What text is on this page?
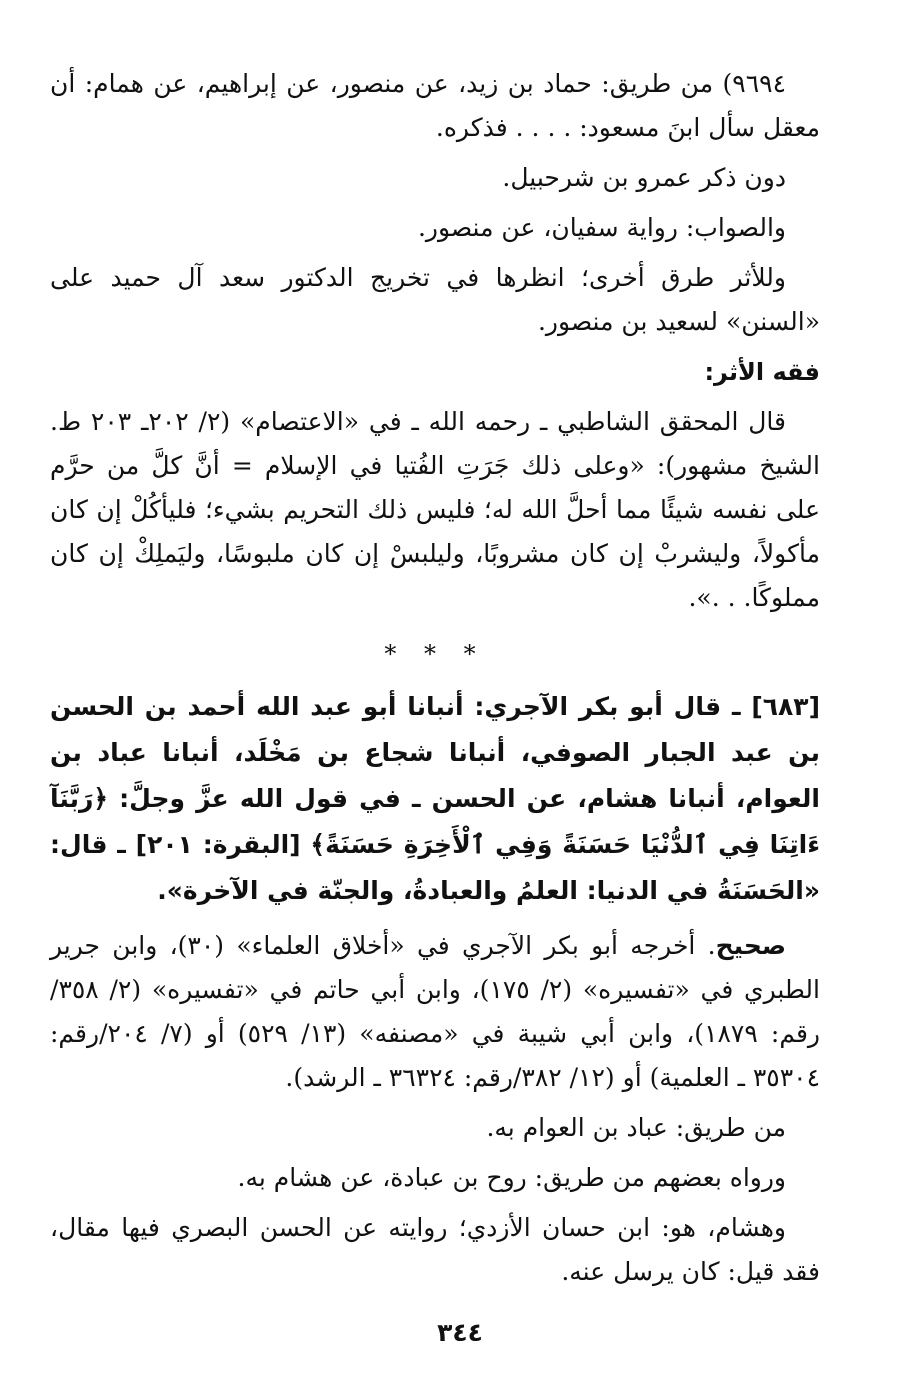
٩٦٩٤) من طريق: حماد بن زيد، عن منصور، عن إبراهيم، عن همام: أن معقل سأل ابنَ مسعود: . . . . فذكره.

دون ذكر عمرو بن شرحبيل.

والصواب: رواية سفيان، عن منصور.

وللأثر طرق أخرى؛ انظرها في تخريج الدكتور سعد آل حميد على «السنن» لسعيد بن منصور.

فقه الأثر:

قال المحقق الشاطبي ـ رحمه الله ـ في «الاعتصام» (٢/ ٢٠٢ـ ٢٠٣ ط. الشيخ مشهور): «وعلى ذلك جَرَتِ الفُتيا في الإسلام = أنَّ كلَّ من حرَّم على نفسه شيئًا مما أحلَّ الله له؛ فليس ذلك التحريم بشيء؛ فليأكُلْ إن كان مأكولاً، وليشربْ إن كان مشروبًا، وليلبسْ إن كان ملبوسًا، وليَملِكْ إن كان مملوكًا. . .».

* * *

[٦٨٣] ـ قال أبو بكر الآجري: أنبانا أبو عبد الله أحمد بن الحسن بن عبد الجبار الصوفي، أنبانا شجاع بن مَخْلَد، أنبانا عباد بن العوام، أنبانا هشام، عن الحسن ـ في قول الله عزَّ وجلَّ: ﴿رَبَّنَآ ءَاتِنَا فِي ٱلدُّنْيَا حَسَنَةً وَفِي ٱلْأَخِرَةِ حَسَنَةً﴾ [البقرة: ٢٠١] ـ قال: «الحَسَنَةُ في الدنيا: العلمُ والعبادةُ، والجنّة في الآخرة».

صحيح. أخرجه أبو بكر الآجري في «أخلاق العلماء» (٣٠)، وابن جرير الطبري في «تفسيره» (٢/ ١٧٥)، وابن أبي حاتم في «تفسيره» (٢/ ٣٥٨/رقم: ١٨٧٩)، وابن أبي شيبة في «مصنفه» (١٣/ ٥٢٩) أو (٧/ ٢٠٤/رقم: ٣٥٣٠٤ ـ العلمية) أو (١٢/ ٣٨٢/رقم: ٣٦٣٢٤ ـ الرشد).

من طريق: عباد بن العوام به.

ورواه بعضهم من طريق: روح بن عبادة، عن هشام به.

وهشام، هو: ابن حسان الأزدي؛ روايته عن الحسن البصري فيها مقال، فقد قيل: كان يرسل عنه.

٣٤٤
